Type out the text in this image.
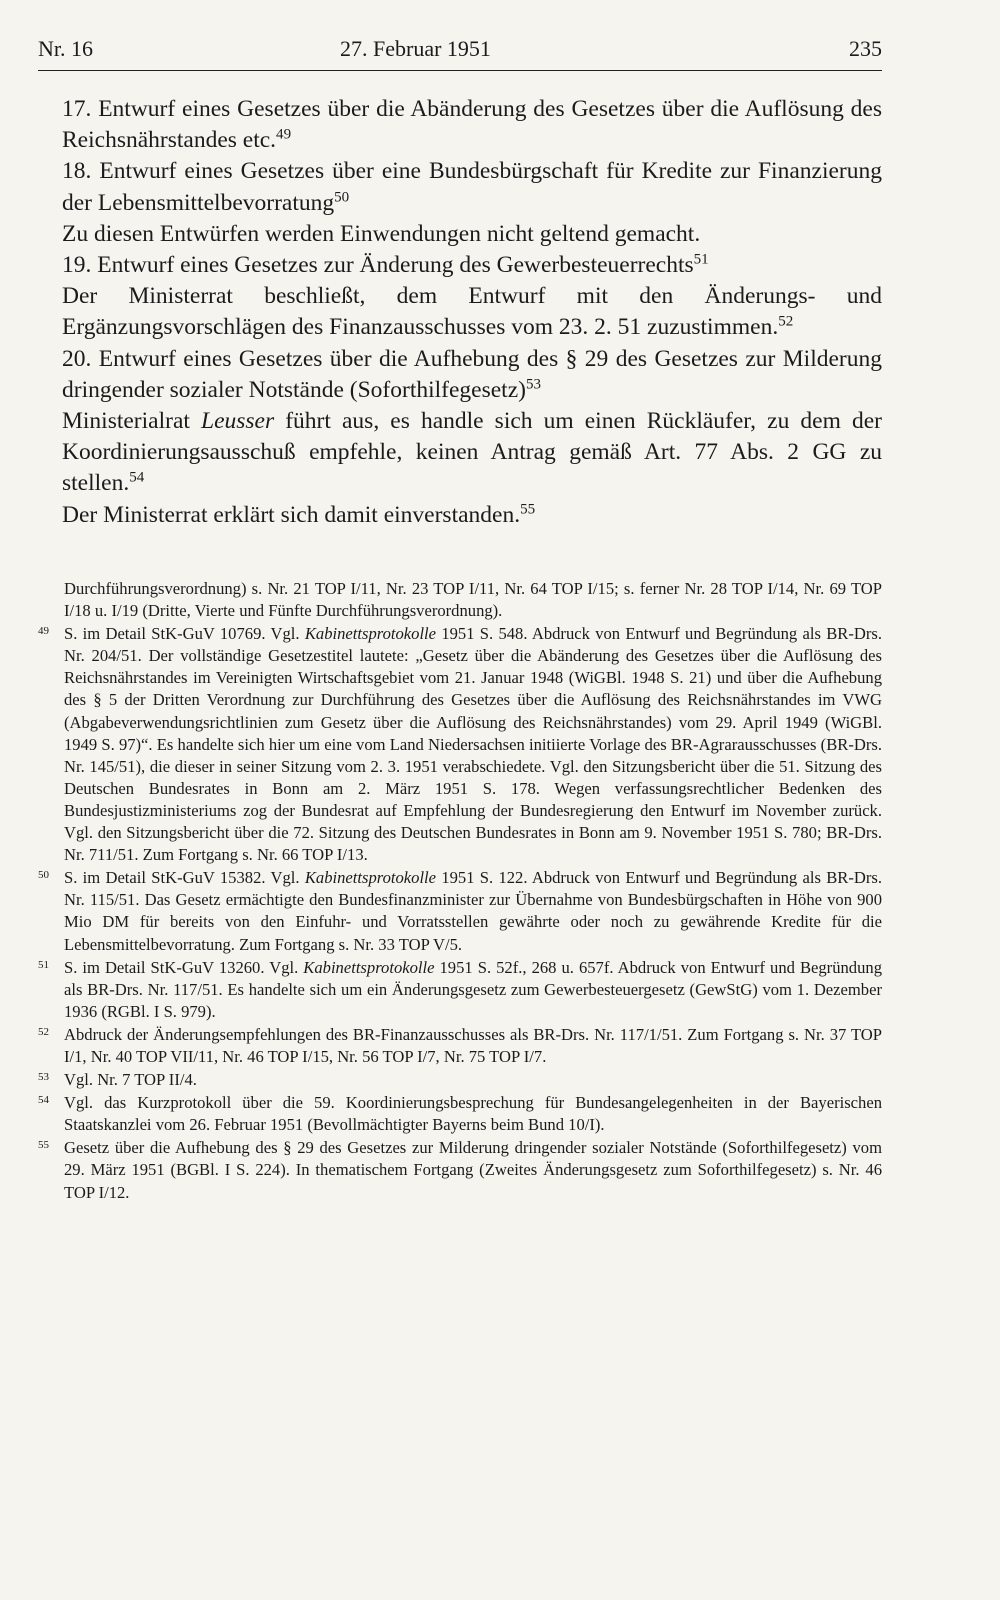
Nr. 16	27. Februar 1951	235

17. Entwurf eines Gesetzes über die Abänderung des Gesetzes über die Auflösung des Reichsnährstandes etc.$^{49}$

18. Entwurf eines Gesetzes über eine Bundesbürgschaft für Kredite zur Finanzierung der Lebensmittelbevorratung$^{50}$

Zu diesen Entwürfen werden Einwendungen nicht geltend gemacht.

19. Entwurf eines Gesetzes zur Änderung des Gewerbesteuerrechts$^{51}$

Der Ministerrat beschließt, dem Entwurf mit den Änderungs- und Ergänzungsvorschlägen des Finanzausschusses vom 23. 2. 51 zuzustimmen.$^{52}$

20. Entwurf eines Gesetzes über die Aufhebung des § 29 des Gesetzes zur Milderung dringender sozialer Notstände (Soforthilfegesetz)$^{53}$

Ministerialrat Leusser führt aus, es handle sich um einen Rückläufer, zu dem der Koordinierungsausschuß empfehle, keinen Antrag gemäß Art. 77 Abs. 2 GG zu stellen.$^{54}$

Der Ministerrat erklärt sich damit einverstanden.$^{55}$

Durchführungsverordnung) s. Nr. 21 TOP I/11, Nr. 23 TOP I/11, Nr. 64 TOP I/15; s. ferner Nr. 28 TOP I/14, Nr. 69 TOP I/18 u. I/19 (Dritte, Vierte und Fünfte Durchführungsverordnung).
49 S. im Detail StK-GuV 10769. Vgl. Kabinettsprotokolle 1951 S. 548. Abdruck von Entwurf und Begründung als BR-Drs. Nr. 204/51. Der vollständige Gesetzestitel lautete: „Gesetz über die Abänderung des Gesetzes über die Auflösung des Reichsnährstandes im Vereinigten Wirtschaftsgebiet vom 21. Januar 1948 (WiGBl. 1948 S. 21) und über die Aufhebung des § 5 der Dritten Verordnung zur Durchführung des Gesetzes über die Auflösung des Reichsnährstandes im VWG (Abgabeverwendungsrichtlinien zum Gesetz über die Auflösung des Reichsnährstandes) vom 29. April 1949 (WiGBl. 1949 S. 97)“. Es handelte sich hier um eine vom Land Niedersachsen initiierte Vorlage des BR-Agrarausschusses (BR-Drs. Nr. 145/51), die dieser in seiner Sitzung vom 2. 3. 1951 verabschiedete. Vgl. den Sitzungsbericht über die 51. Sitzung des Deutschen Bundesrates in Bonn am 2. März 1951 S. 178. Wegen verfassungsrechtlicher Bedenken des Bundesjustizministeriums zog der Bundesrat auf Empfehlung der Bundesregierung den Entwurf im November zurück. Vgl. den Sitzungsbericht über die 72. Sitzung des Deutschen Bundesrates in Bonn am 9. November 1951 S. 780; BR-Drs. Nr. 711/51. Zum Fortgang s. Nr. 66 TOP I/13.
50 S. im Detail StK-GuV 15382. Vgl. Kabinettsprotokolle 1951 S. 122. Abdruck von Entwurf und Begründung als BR-Drs. Nr. 115/51. Das Gesetz ermächtigte den Bundesfinanzminister zur Übernahme von Bundesbürgschaften in Höhe von 900 Mio DM für bereits von den Einfuhr- und Vorratsstellen gewährte oder noch zu gewährende Kredite für die Lebensmittelbevorratung. Zum Fortgang s. Nr. 33 TOP V/5.
51 S. im Detail StK-GuV 13260. Vgl. Kabinettsprotokolle 1951 S. 52f., 268 u. 657f. Abdruck von Entwurf und Begründung als BR-Drs. Nr. 117/51. Es handelte sich um ein Änderungsgesetz zum Gewerbesteuergesetz (GewStG) vom 1. Dezember 1936 (RGBl. I S. 979).
52 Abdruck der Änderungsempfehlungen des BR-Finanzausschusses als BR-Drs. Nr. 117/1/51. Zum Fortgang s. Nr. 37 TOP I/1, Nr. 40 TOP VII/11, Nr. 46 TOP I/15, Nr. 56 TOP I/7, Nr. 75 TOP I/7.
53 Vgl. Nr. 7 TOP II/4.
54 Vgl. das Kurzprotokoll über die 59. Koordinierungsbesprechung für Bundesangelegenheiten in der Bayerischen Staatskanzlei vom 26. Februar 1951 (Bevollmächtigter Bayerns beim Bund 10/I).
55 Gesetz über die Aufhebung des § 29 des Gesetzes zur Milderung dringender sozialer Notstände (Soforthilfegesetz) vom 29. März 1951 (BGBl. I S. 224). In thematischem Fortgang (Zweites Änderungsgesetz zum Soforthilfegesetz) s. Nr. 46 TOP I/12.
